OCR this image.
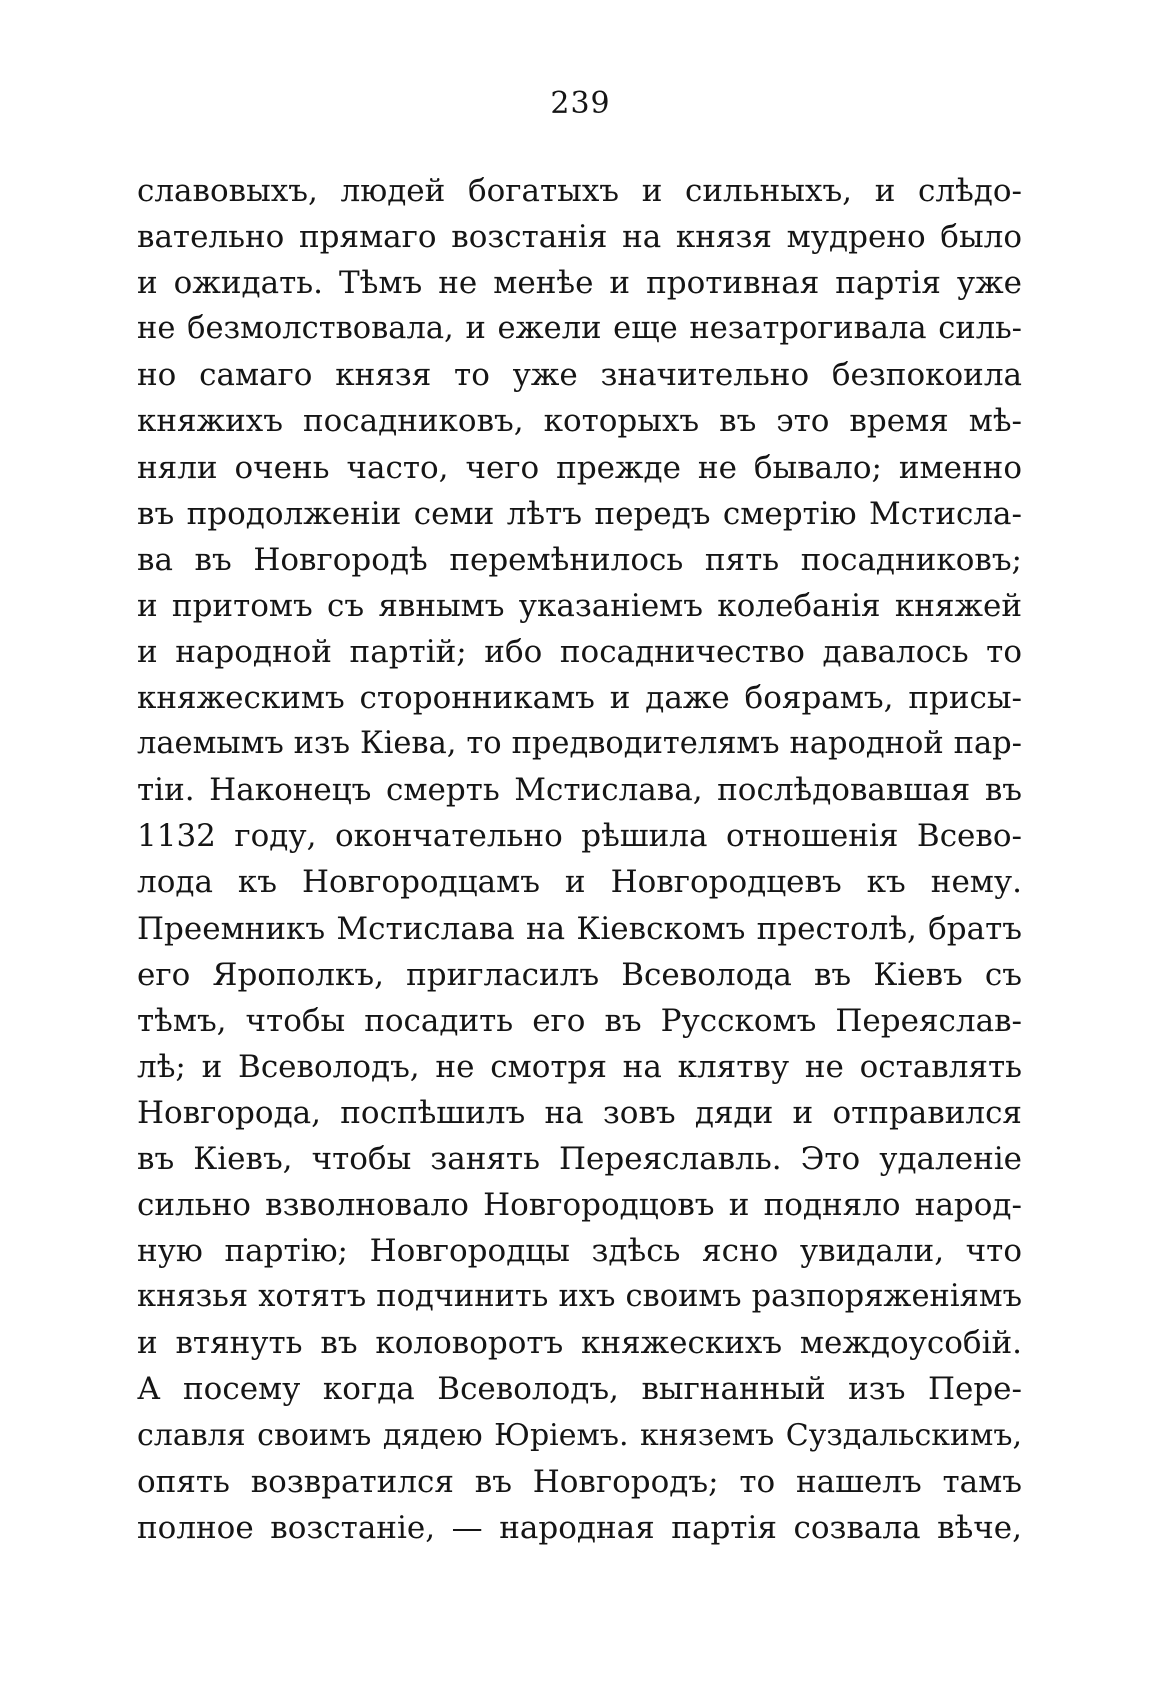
239
славовыхъ, людей богатыхъ и сильныхъ, и слѣдо-
вательно прямаго возстанія на князя мудрено было
и ожидать. Тѣмъ не менѣе и противная партія уже
не безмолствовала, и ежели еще незатрогивала силь-
но самаго князя то уже значительно безпокоила
княжихъ посадниковъ, которыхъ въ это время мѣ-
няли очень часто, чего прежде не бывало; именно
въ продолженіи семи лѣтъ передъ смертію Мстисла-
ва въ Новгородѣ перемѣнилось пять посадниковъ;
и притомъ съ явнымъ указаніемъ колебанія княжей
и народной партій; ибо посадничество давалось то
княжескимъ сторонникамъ и даже боярамъ, присы-
лаемымъ изъ Кіева, то предводителямъ народной пар-
тіи. Наконецъ смерть Мстислава, послѣдовавшая въ
1132 году, окончательно рѣшила отношенія Всево-
лода къ Новгородцамъ и Новгородцевъ къ нему.
Преемникъ Мстислава на Кіевскомъ престолѣ, братъ
его Ярополкъ, пригласилъ Всеволода въ Кіевъ съ
тѣмъ, чтобы посадить его въ Русскомъ Переяслав-
лѣ; и Всеволодъ, не смотря на клятву не оставлять
Новгорода, поспѣшилъ на зовъ дяди и отправился
въ Кіевъ, чтобы занять Переяславль. Это удаленіе
сильно взволновало Новгородцовъ и подняло народ-
ную партію; Новгородцы здѣсь ясно увидали, что
князья хотятъ подчинить ихъ своимъ разпоряженіямъ
и втянуть въ коловоротъ княжескихъ междоусобій.
А посему когда Всеволодъ, выгнанный изъ Пере-
славля своимъ дядею Юріемъ. княземъ Суздальскимъ,
опять возвратился въ Новгородъ; то нашелъ тамъ
полное возстаніе, — народная партія созвала вѣче,
